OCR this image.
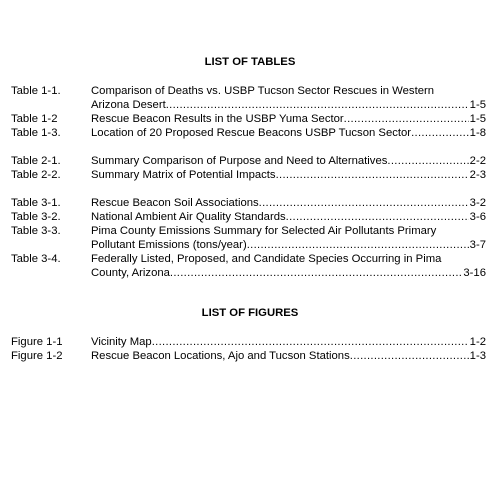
LIST OF TABLES
Table 1-1.	Comparison of Deaths vs. USBP Tucson Sector Rescues in Western
Arizona Desert .....	1-5
Table 1-2	Rescue Beacon Results in the USBP Yuma Sector .....	1-5
Table 1-3.	Location of 20 Proposed Rescue Beacons USBP Tucson Sector .....	1-8
Table 2-1.	Summary Comparison of Purpose and Need to Alternatives .....	2-2
Table 2-2.	Summary Matrix of Potential Impacts .....	2-3
Table 3-1.	Rescue Beacon Soil Associations .....	3-2
Table 3-2.	National Ambient Air Quality Standards .....	3-6
Table 3-3.	Pima County Emissions Summary for Selected Air Pollutants Primary
Pollutant Emissions (tons/year) .....	3-7
Table 3-4.	Federally Listed, Proposed, and Candidate Species Occurring in Pima
County, Arizona .....	3-16
LIST OF FIGURES
Figure 1-1	Vicinity Map .....	1-2
Figure 1-2	Rescue Beacon Locations, Ajo and Tucson Stations .....	1-3
